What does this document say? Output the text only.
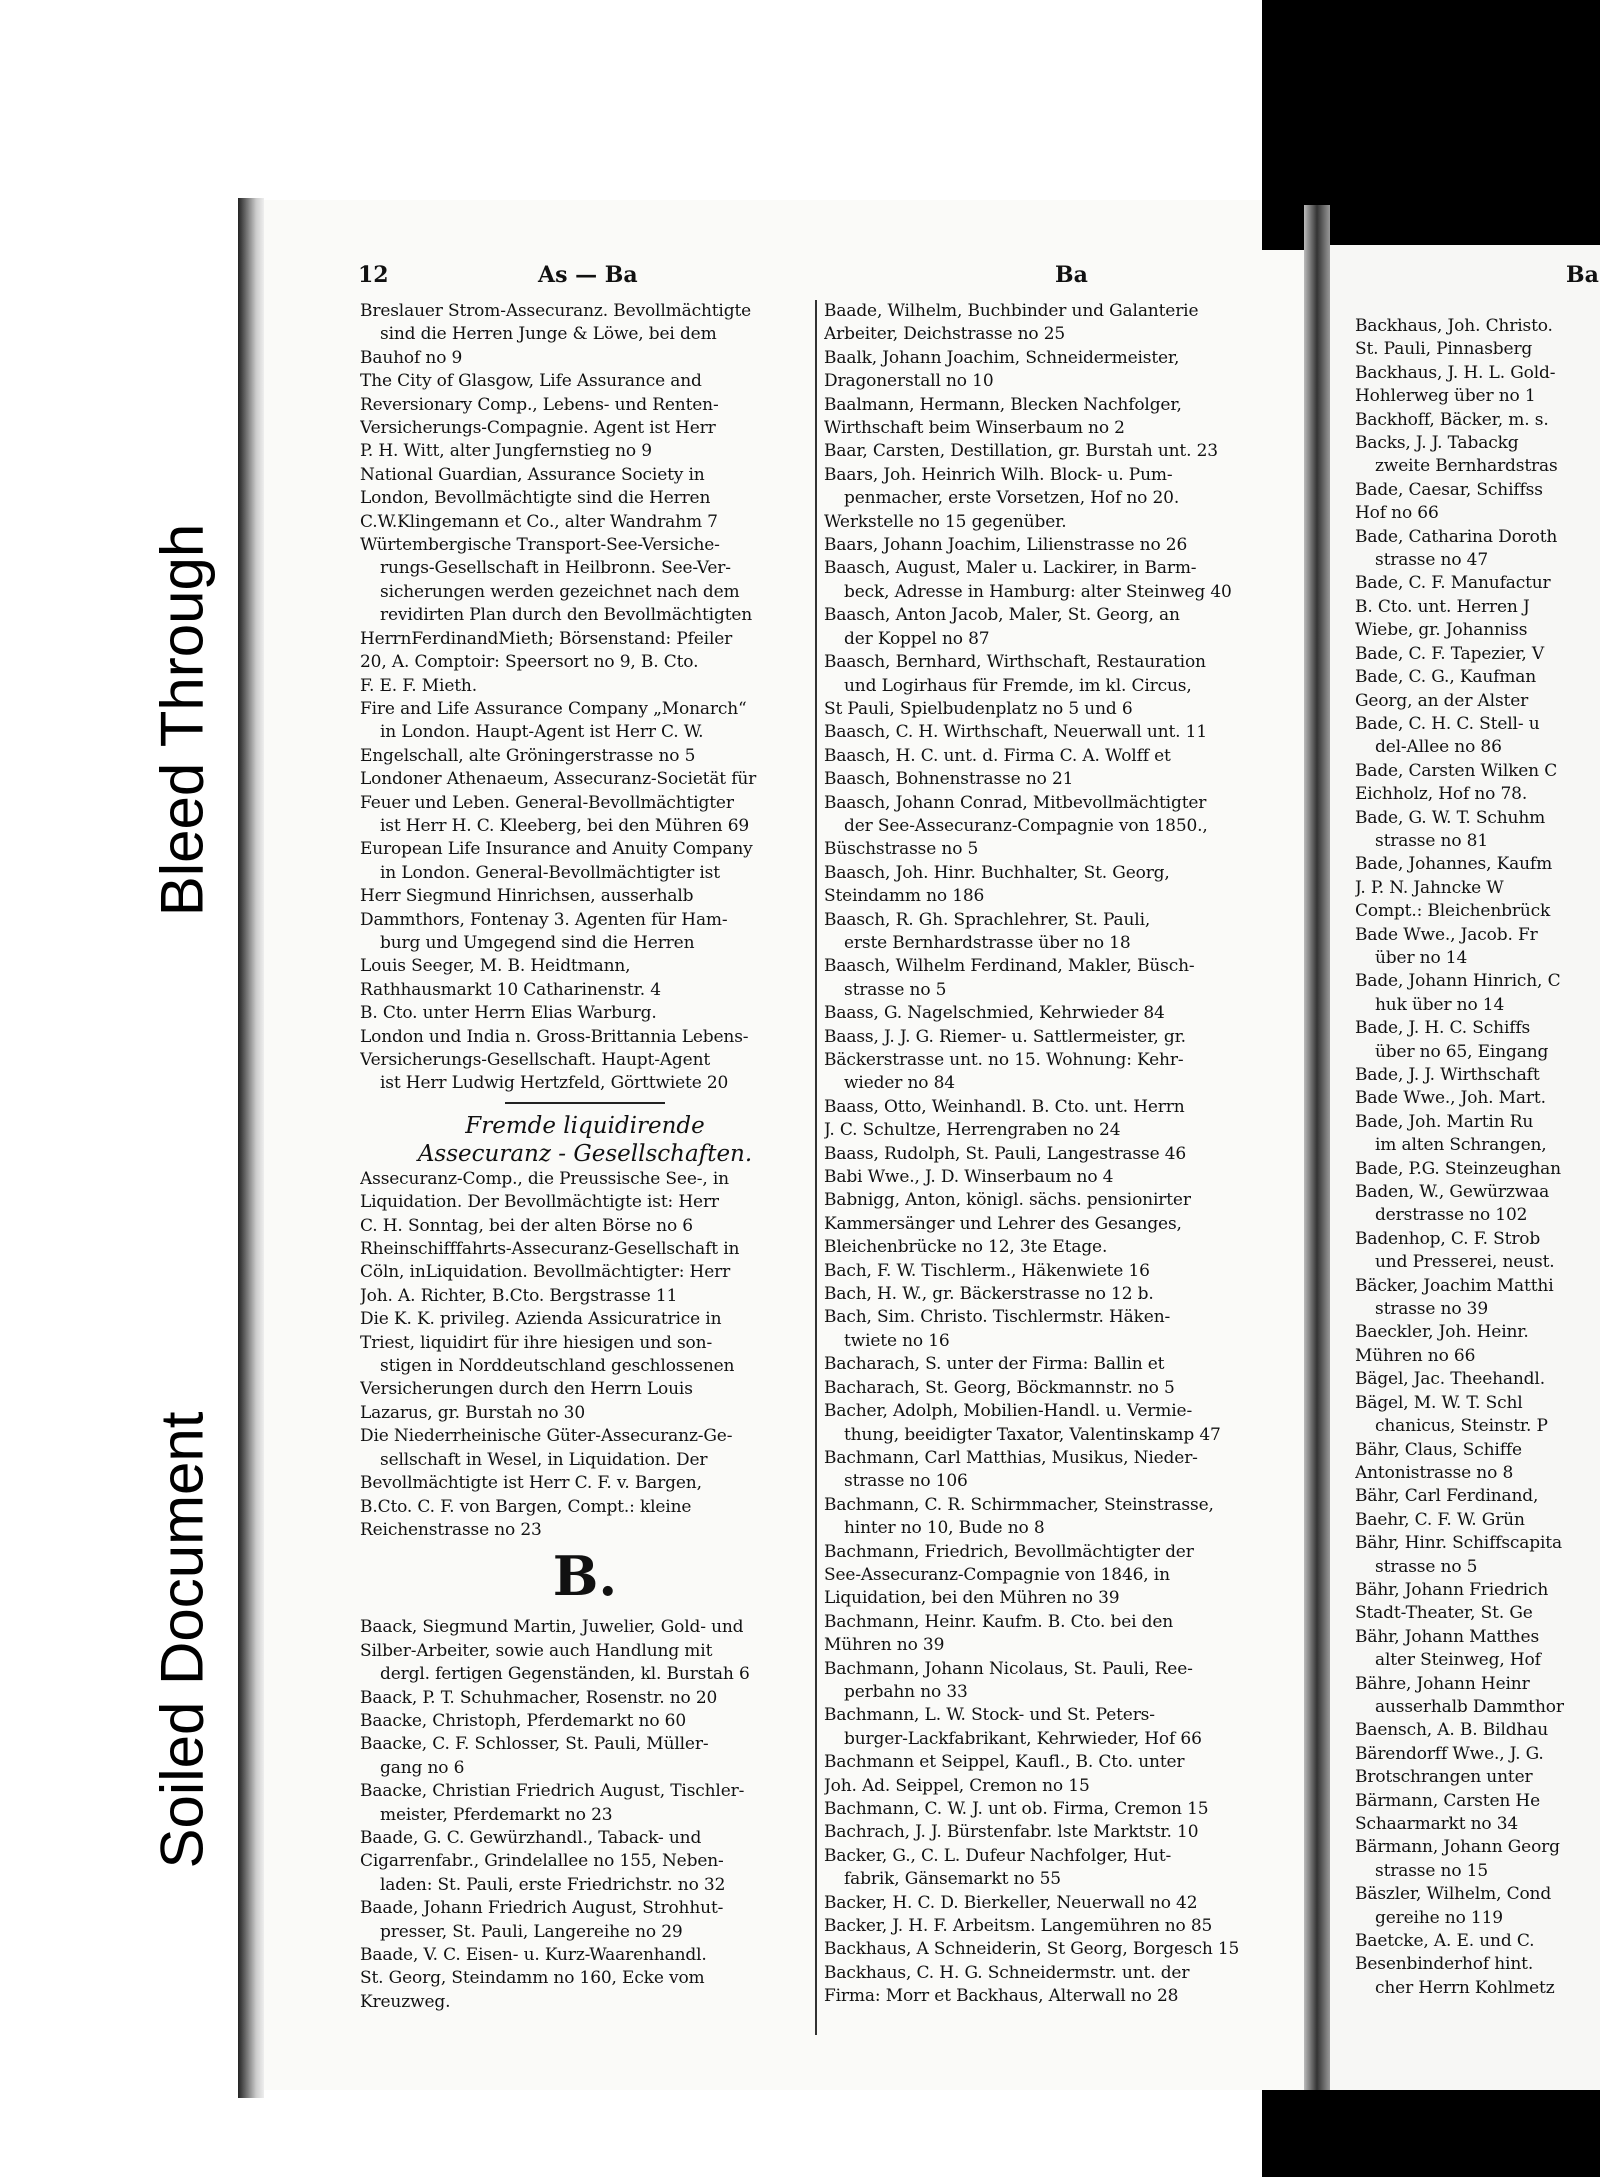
Bleed Through
Soiled Document
12	As — Ba	Ba	Ba
Breslauer Strom-Assecuranz. Bevollmächtigte
sind die Herren Junge & Löwe, bei dem
Bauhof no 9
The City of Glasgow, Life Assurance and
Reversionary Comp., Lebens- und Renten-
Versicherungs-Compagnie. Agent ist Herr
P. H. Witt, alter Jungfernstieg no 9
National Guardian, Assurance Society in
London, Bevollmächtigte sind die Herren
C.W.Klingemann et Co., alter Wandrahm 7
Würtembergische Transport-See-Versiche-
rungs-Gesellschaft in Heilbronn. See-Ver-
sicherungen werden gezeichnet nach dem
revidirten Plan durch den Bevollmächtigten
HerrnFerdinandMieth; Börsenstand: Pfeiler
20, A. Comptoir: Speersort no 9, B. Cto.
F. E. F. Mieth.
Fire and Life Assurance Company „Monarch“
in London. Haupt-Agent ist Herr C. W.
Engelschall, alte Gröningerstrasse no 5
Londoner Athenaeum, Assecuranz-Societät für
Feuer und Leben. General-Bevollmächtigter
ist Herr H. C. Kleeberg, bei den Mühren 69
European Life Insurance and Anuity Company
in London. General-Bevollmächtigter ist
Herr Siegmund Hinrichsen, ausserhalb
Dammthors, Fontenay 3. Agenten für Ham-
burg und Umgegend sind die Herren
Louis Seeger, M. B. Heidtmann,
Rathhausmarkt 10 Catharinenstr. 4
B. Cto. unter Herrn Elias Warburg.
London und India n. Gross-Brittannia Lebens-
Versicherungs-Gesellschaft. Haupt-Agent
ist Herr Ludwig Hertzfeld, Görttwiete 20
Fremde liquidirende
Assecuranz - Gesellschaften.
Assecuranz-Comp., die Preussische See-, in
Liquidation. Der Bevollmächtigte ist: Herr
C. H. Sonntag, bei der alten Börse no 6
Rheinschifffahrts-Assecuranz-Gesellschaft in
Cöln, inLiquidation. Bevollmächtigter: Herr
Joh. A. Richter, B.Cto. Bergstrasse 11
Die K. K. privileg. Azienda Assicuratrice in
Triest, liquidirt für ihre hiesigen und son-
stigen in Norddeutschland geschlossenen
Versicherungen durch den Herrn Louis
Lazarus, gr. Burstah no 30
Die Niederrheinische Güter-Assecuranz-Ge-
sellschaft in Wesel, in Liquidation. Der
Bevollmächtigte ist Herr C. F. v. Bargen,
B.Cto. C. F. von Bargen, Compt.: kleine
Reichenstrasse no 23
B.
Baack, Siegmund Martin, Juwelier, Gold- und
Silber-Arbeiter, sowie auch Handlung mit
dergl. fertigen Gegenständen, kl. Burstah 6
Baack, P. T. Schuhmacher, Rosenstr. no 20
Baacke, Christoph, Pferdemarkt no 60
Baacke, C. F. Schlosser, St. Pauli, Müller-
gang no 6
Baacke, Christian Friedrich August, Tischler-
meister, Pferdemarkt no 23
Baade, G. C. Gewürzhandl., Taback- und
Cigarrenfabr., Grindelallee no 155, Neben-
laden: St. Pauli, erste Friedrichstr. no 32
Baade, Johann Friedrich August, Strohhut-
presser, St. Pauli, Langereihe no 29
Baade, V. C. Eisen- u. Kurz-Waarenhandl.
St. Georg, Steindamm no 160, Ecke vom
Kreuzweg.
Baade, Wilhelm, Buchbinder und Galanterie
Arbeiter, Deichstrasse no 25
Baalk, Johann Joachim, Schneidermeister,
Dragonerstall no 10
Baalmann, Hermann, Blecken Nachfolger,
Wirthschaft beim Winserbaum no 2
Baar, Carsten, Destillation, gr. Burstah unt. 23
Baars, Joh. Heinrich Wilh. Block- u. Pum-
penmacher, erste Vorsetzen, Hof no 20.
Werkstelle no 15 gegenüber.
Baars, Johann Joachim, Lilienstrasse no 26
Baasch, August, Maler u. Lackirer, in Barm-
beck, Adresse in Hamburg: alter Steinweg 40
Baasch, Anton Jacob, Maler, St. Georg, an
der Koppel no 87
Baasch, Bernhard, Wirthschaft, Restauration
und Logirhaus für Fremde, im kl. Circus,
St Pauli, Spielbudenplatz no 5 und 6
Baasch, C. H. Wirthschaft, Neuerwall unt. 11
Baasch, H. C. unt. d. Firma C. A. Wolff et
Baasch, Bohnenstrasse no 21
Baasch, Johann Conrad, Mitbevollmächtigter
der See-Assecuranz-Compagnie von 1850.,
Büschstrasse no 5
Baasch, Joh. Hinr. Buchhalter, St. Georg,
Steindamm no 186
Baasch, R. Gh. Sprachlehrer, St. Pauli,
erste Bernhardstrasse über no 18
Baasch, Wilhelm Ferdinand, Makler, Büsch-
strasse no 5
Baass, G. Nagelschmied, Kehrwieder 84
Baass, J. J. G. Riemer- u. Sattlermeister, gr.
Bäckerstrasse unt. no 15. Wohnung: Kehr-
wieder no 84
Baass, Otto, Weinhandl. B. Cto. unt. Herrn
J. C. Schultze, Herrengraben no 24
Baass, Rudolph, St. Pauli, Langestrasse 46
Babi Wwe., J. D. Winserbaum no 4
Babnigg, Anton, königl. sächs. pensionirter
Kammersänger und Lehrer des Gesanges,
Bleichenbrücke no 12, 3te Etage.
Bach, F. W. Tischlerm., Häkenwiete 16
Bach, H. W., gr. Bäckerstrasse no 12 b.
Bach, Sim. Christo. Tischlermstr. Häken-
twiete no 16
Bacharach, S. unter der Firma: Ballin et
Bacharach, St. Georg, Böckmannstr. no 5
Bacher, Adolph, Mobilien-Handl. u. Vermie-
thung, beeidigter Taxator, Valentinskamp 47
Bachmann, Carl Matthias, Musikus, Nieder-
strasse no 106
Bachmann, C. R. Schirmmacher, Steinstrasse,
hinter no 10, Bude no 8
Bachmann, Friedrich, Bevollmächtigter der
See-Assecuranz-Compagnie von 1846, in
Liquidation, bei den Mühren no 39
Bachmann, Heinr. Kaufm. B. Cto. bei den
Mühren no 39
Bachmann, Johann Nicolaus, St. Pauli, Ree-
perbahn no 33
Bachmann, L. W. Stock- und St. Peters-
burger-Lackfabrikant, Kehrwieder, Hof 66
Bachmann et Seippel, Kaufl., B. Cto. unter
Joh. Ad. Seippel, Cremon no 15
Bachmann, C. W. J. unt ob. Firma, Cremon 15
Bachrach, J. J. Bürstenfabr. lste Marktstr. 10
Backer, G., C. L. Dufeur Nachfolger, Hut-
fabrik, Gänsemarkt no 55
Backer, H. C. D. Bierkeller, Neuerwall no 42
Backer, J. H. F. Arbeitsm. Langemühren no 85
Backhaus, A Schneiderin, St Georg, Borgesch 15
Backhaus, C. H. G. Schneidermstr. unt. der
Firma: Morr et Backhaus, Alterwall no 28
Backhaus, Joh. Christo.
St. Pauli, Pinnasberg
Backhaus, J. H. L. Gold-
Hohlerweg über no 1
Backhoff, Bäcker, m. s.
Backs, J. J. Tabackg
zweite Bernhardstras
Bade, Caesar, Schiffss
Hof no 66
Bade, Catharina Doroth
strasse no 47
Bade, C. F. Manufactur
B. Cto. unt. Herren J
Wiebe, gr. Johanniss
Bade, C. F. Tapezier, V
Bade, C. G., Kaufman
Georg, an der Alster
Bade, C. H. C. Stell- u
del-Allee no 86
Bade, Carsten Wilken C
Eichholz, Hof no 78.
Bade, G. W. T. Schuhm
strasse no 81
Bade, Johannes, Kaufm
J. P. N. Jahncke W
Compt.: Bleichenbrück
Bade Wwe., Jacob. Fr
über no 14
Bade, Johann Hinrich, C
huk über no 14
Bade, J. H. C. Schiffs
über no 65, Eingang
Bade, J. J. Wirthschaft
Bade Wwe., Joh. Mart.
Bade, Joh. Martin Ru
im alten Schrangen,
Bade, P.G. Steinzeughan
Baden, W., Gewürzwaa
derstrasse no 102
Badenhop, C. F. Strob
und Presserei, neust.
Bäcker, Joachim Matthi
strasse no 39
Baeckler, Joh. Heinr.
Mühren no 66
Bägel, Jac. Theehandl.
Bägel, M. W. T. Schl
chanicus, Steinstr. P
Bähr, Claus, Schiffe
Antonistrasse no 8
Bähr, Carl Ferdinand,
Baehr, C. F. W. Grün
Bähr, Hinr. Schiffscapita
strasse no 5
Bähr, Johann Friedrich
Stadt-Theater, St. Ge
Bähr, Johann Matthes
alter Steinweg, Hof
Bähre, Johann Heinr
ausserhalb Dammthor
Baensch, A. B. Bildhau
Bärendorff Wwe., J. G.
Brotschrangen unter
Bärmann, Carsten He
Schaarmarkt no 34
Bärmann, Johann Georg
strasse no 15
Bäszler, Wilhelm, Cond
gereihe no 119
Baetcke, A. E. und C.
Besenbinderhof hint.
cher Herrn Kohlmetz
